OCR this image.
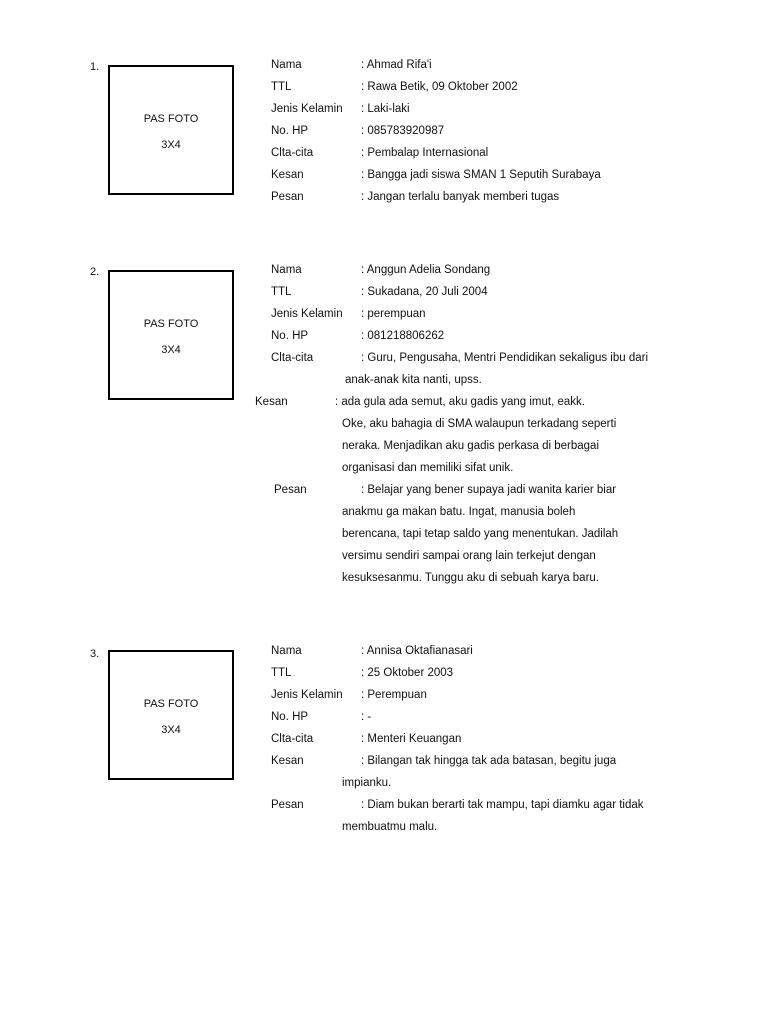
1.
PAS FOTO
3X4
Nama	: Ahmad Rifa'i
TTL	: Rawa Betik, 09 Oktober 2002
Jenis Kelamin : Laki-laki
No. HP	: 085783920987
Clta-cita	: Pembalap Internasional
Kesan	: Bangga jadi siswa SMAN 1 Seputih Surabaya
Pesan	: Jangan terlalu banyak memberi tugas
2.
PAS FOTO
3X4
Nama	: Anggun Adelia Sondang
TTL	: Sukadana, 20 Juli 2004
Jenis Kelamin : perempuan
No. HP	: 081218806262
Clta-cita	: Guru, Pengusaha, Mentri Pendidikan sekaligus ibu dari
anak-anak kita nanti, upss.
Kesan	: ada gula ada semut, aku gadis yang imut, eakk.
Oke, aku bahagia di SMA walaupun terkadang seperti
neraka. Menjadikan aku gadis perkasa di berbagai
organisasi dan memiliki sifat unik.
Pesan	: Belajar yang bener supaya jadi wanita karier biar
anakmu ga makan batu. Ingat, manusia boleh
berencana, tapi tetap saldo yang menentukan. Jadilah
versimu sendiri sampai orang lain terkejut dengan
kesuksesanmu. Tunggu aku di sebuah karya baru.
3.
PAS FOTO
3X4
Nama	: Annisa Oktafianasari
TTL	: 25 Oktober 2003
Jenis Kelamin : Perempuan
No. HP	: -
Clta-cita	: Menteri Keuangan
Kesan	: Bilangan tak hingga tak ada batasan, begitu juga
impianku.
Pesan	: Diam bukan berarti tak mampu, tapi diamku agar tidak
membuatmu malu.
